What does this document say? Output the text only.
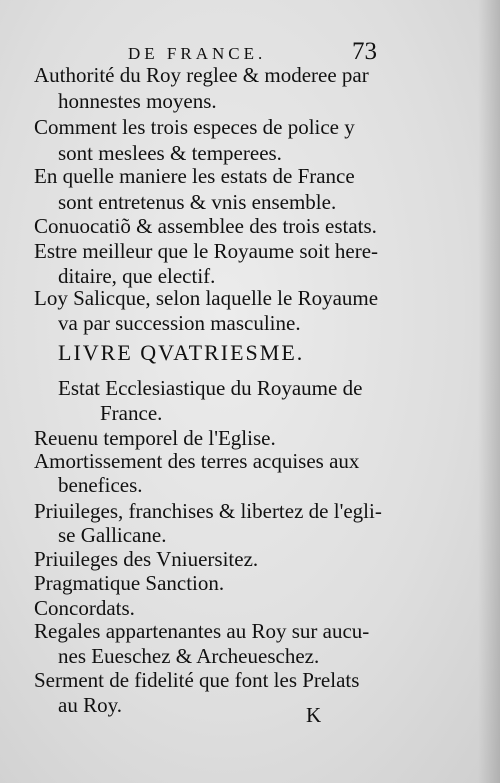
DE FRANCE.	73
Authorité du Roy reglee & moderee par
honnestes moyens.
Comment les trois especes de police y
sont meslees & temperees.
En quelle maniere les estats de France
sont entretenus & vnis ensemble.
Conuocatiõ & assemblee des trois estats.
Estre meilleur que le Royaume soit here-
ditaire, que electif.
Loy Salicque, selon laquelle le Royaume
va par succession masculine.
LIVRE QVATRIESME.
Estat Ecclesiastique du Royaume de
France.
Reuenu temporel de l'Eglise.
Amortissement des terres acquises aux
benefices.
Priuileges, franchises & libertez de l'egli-
se Gallicane.
Priuileges des Vniuersitez.
Pragmatique Sanction.
Concordats.
Regales appartenantes au Roy sur aucu-
nes Eueschez & Archeueschez.
Serment de fidelité que font les Prelats
au Roy.	K
